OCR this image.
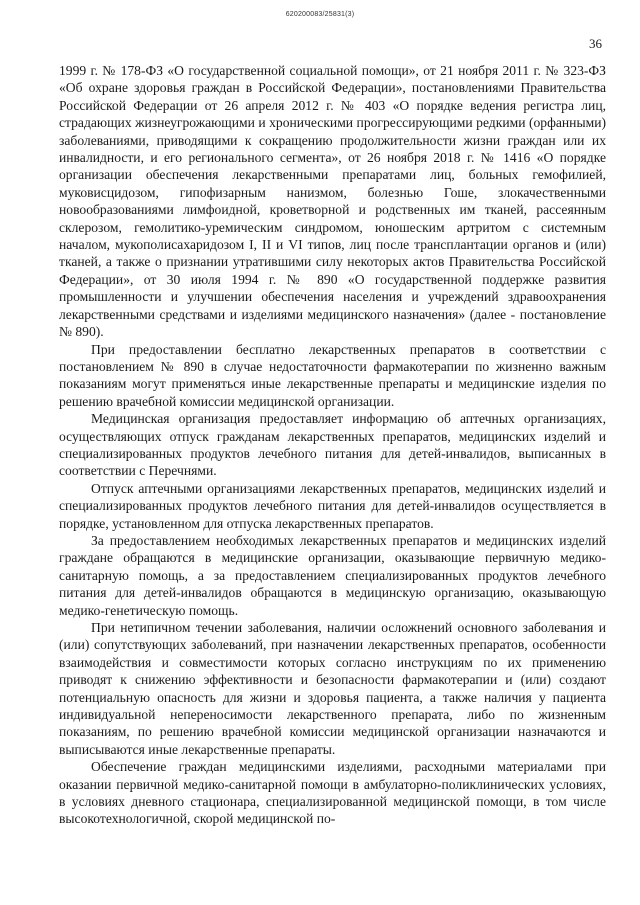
620200083/25831(3)
36

1999 г. № 178-ФЗ «О государственной социальной помощи», от 21 ноября 2011 г. № 323-ФЗ «Об охране здоровья граждан в Российской Федерации», постановлениями Правительства Российской Федерации от 26 апреля 2012 г. № 403 «О порядке ведения регистра лиц, страдающих жизнеугрожающими и хроническими прогрессирующими редкими (орфанными) заболеваниями, приводящими к сокращению продолжительности жизни граждан или их инвалидности, и его регионального сегмента», от 26 ноября 2018 г. № 1416 «О порядке организации обеспечения лекарственными препаратами лиц, больных гемофилией, муковисцидозом, гипофизарным нанизмом, болезнью Гоше, злокачественными новообразованиями лимфоидной, кроветворной и родственных им тканей, рассеянным склерозом, гемолитико-уремическим синдромом, юношеским артритом с системным началом, мукополисахаридозом I, II и VI типов, лиц после трансплантации органов и (или) тканей, а также о признании утратившими силу некоторых актов Правительства Российской Федерации», от 30 июля 1994 г. № 890 «О государственной поддержке развития промышленности и улучшении обеспечения населения и учреждений здравоохранения лекарственными средствами и изделиями медицинского назначения» (далее - постановление № 890).

При предоставлении бесплатно лекарственных препаратов в соответствии с постановлением № 890 в случае недостаточности фармакотерапии по жизненно важным показаниям могут применяться иные лекарственные препараты и медицинские изделия по решению врачебной комиссии медицинской организации.

Медицинская организация предоставляет информацию об аптечных организациях, осуществляющих отпуск гражданам лекарственных препаратов, медицинских изделий и специализированных продуктов лечебного питания для детей-инвалидов, выписанных в соответствии с Перечнями.

Отпуск аптечными организациями лекарственных препаратов, медицинских изделий и специализированных продуктов лечебного питания для детей-инвалидов осуществляется в порядке, установленном для отпуска лекарственных препаратов.

За предоставлением необходимых лекарственных препаратов и медицинских изделий граждане обращаются в медицинские организации, оказывающие первичную медико-санитарную помощь, а за предоставлением специализированных продуктов лечебного питания для детей-инвалидов обращаются в медицинскую организацию, оказывающую медико-генетическую помощь.

При нетипичном течении заболевания, наличии осложнений основного заболевания и (или) сопутствующих заболеваний, при назначении лекарственных препаратов, особенности взаимодействия и совместимости которых согласно инструкциям по их применению приводят к снижению эффективности и безопасности фармакотерапии и (или) создают потенциальную опасность для жизни и здоровья пациента, а также наличия у пациента индивидуальной непереносимости лекарственного препарата, либо по жизненным показаниям, по решению врачебной комиссии медицинской организации назначаются и выписываются иные лекарственные препараты.

Обеспечение граждан медицинскими изделиями, расходными материалами при оказании первичной медико-санитарной помощи в амбулаторно-поликлинических условиях, в условиях дневного стационара, специализированной медицинской помощи, в том числе высокотехнологичной, скорой медицинской по-
